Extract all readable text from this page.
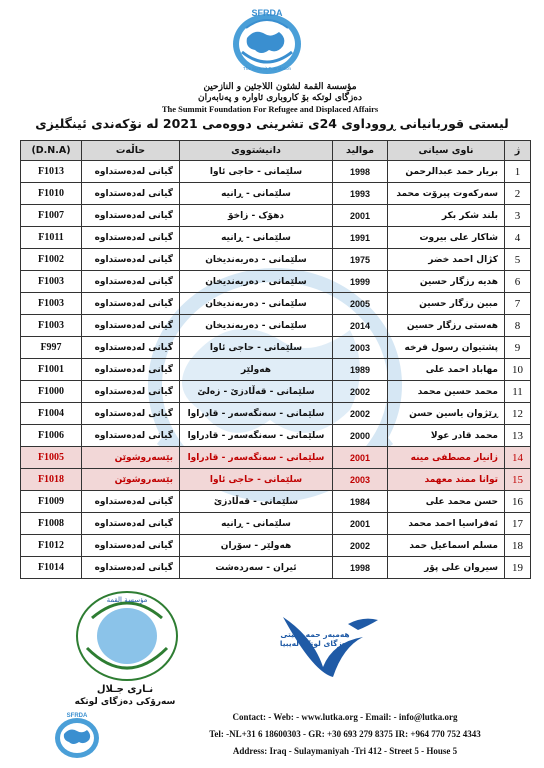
SFRDA
The Summit Foundation
مؤسسة القمة لشئون اللاجئين و النازحين
دەزگای لوتکە بۆ کاروباری ئاوارە و پەنابەران
The Summit Foundation For Refugee and Displaced Affairs
لیستی قوربانیانی ڕووداوی 24ی تشرینی دووەمی 2021 لە نۆکەندی ئینگلیزی
ژ	ناوی سیانی	موالید	دانیشتووی	حاڵەت	(D.N.A)
1	بریار حمد عبدالرحمن	1998	سلێمانی - حاجی ئاوا	گیانی لەدەستداوە	F1013
2	سەرکەوت پیرۆت محمد	1993	سلێمانی - ڕانیە	گیانی لەدەستداوە	F1010
3	بلند شکر بکر	2001	دهۆک - زاخۆ	گیانی لەدەستداوە	F1007
4	شاکار علی بیروت	1991	سلێمانی - ڕانیە	گیانی لەدەستداوە	F1011
5	کژال احمد خضر	1975	سلێمانی - دەربەندیخان	گیانی لەدەستداوە	F1002
6	هدیە رزگار حسین	1999	سلێمانی - دەربەندیخان	گیانی لەدەستداوە	F1003
7	مبین رزگار حسین	2005	سلێمانی - دەربەندیخان	گیانی لەدەستداوە	F1003
8	هەستی رزگار حسین	2014	سلێمانی - دەربەندیخان	گیانی لەدەستداوە	F1003
9	پشتیوان رسول فرخە	2003	سلێمانی - حاجی ئاوا	گیانی لەدەستداوە	F997
10	مهاباد احمد علی	1989	هەولێر	گیانی لەدەستداوە	F1001
11	محمد حسین محمد	2002	سلێمانی - قەڵادزێ - زەلێ	گیانی لەدەستداوە	F1000
12	ڕێژوان یاسین حسن	2002	سلێمانی - سەنگەسەر - قادراوا	گیانی لەدەستداوە	F1004
13	محمد قادر عولا	2000	سلێمانی - سەنگەسەر - قادراوا	گیانی لەدەستداوە	F1006
14	زانیار مصطفی مینه	2001	سلێمانی - سەنگەسەر - قادراوا	بێسەروشوێن	F1005
15	توانا ممند معهمد	2003	سلێمانی - حاجی ئاوا	بێسەروشوێن	F1018
16	حسن محمد علی	1984	سلێمانی - قەڵادزێ	گیانی لەدەستداوە	F1009
17	ئەفراسیا احمد محمد	2001	سلێمانی - ڕانیە	گیانی لەدەستداوە	F1008
18	مسلم اسماعیل حمد	2002	هەولێر - سۆران	گیانی لەدەستداوە	F1012
19	سیروان علی پۆر	1998	ئیران - سەردەشت	گیانی لەدەستداوە	F1014
مؤسسة القمة
نـاری جـلال
سەرۆکی دەزگای لوتکە
هەمبەر حمە تیلیتی دەزگای لوتکە لەیبیا
SFRDA	Contact: - Web: - www.lutka.org - Email: - info@lutka.org
Tel: -NL+31 6 18600303 - GR: +30 693 279 8375 IR: +964 770 752 4343
Address: Iraq - Sulaymaniyah -Tri 412 - Street 5 - House 5
